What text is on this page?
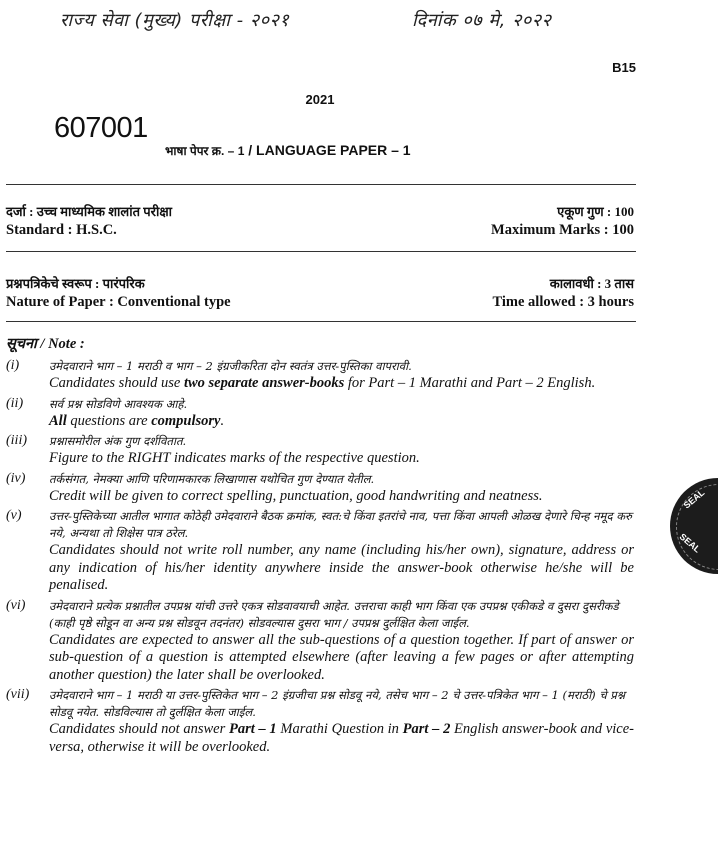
राज्य सेवा (मुख्य) परीक्षा - २०२१	दिनांक ०७ मे, २०२२
B15
2021
607001
भाषा पेपर क्र. – 1 / LANGUAGE PAPER – 1
दर्जा : उच्च माध्यमिक शालांत परीक्षा	एकूण गुण : 100
Standard : H.S.C.	Maximum Marks : 100
प्रश्नपत्रिकेचे स्वरूप : पारंपरिक	कालावधी : 3 तास
Nature of Paper : Conventional type	Time allowed : 3 hours
सूचना / Note :
(i)	उमेदवाराने भाग – 1 मराठी व भाग – 2 इंग्रजीकरिता दोन स्वतंत्र उत्तर-पुस्तिका वापरावी.

Candidates should use two separate answer-books for Part – 1 Marathi and Part – 2 English.

(ii) सर्व प्रश्न सोडविणे आवश्यक आहे.

All questions are compulsory.

(iii) प्रश्नासमोरील अंक गुण दर्शवितात.

Figure to the RIGHT indicates marks of the respective question.

(iv) तर्कसंगत, नेमक्या आणि परिणामकारक लिखाणास यथोचित गुण देण्यात येतील.

Credit will be given to correct spelling, punctuation, good handwriting and neatness.

(v) उत्तर-पुस्तिकेच्या आतील भागात कोठेही उमेदवाराने बैठक क्रमांक, स्वत:चे किंवा इतरांचे नाव, पत्ता किंवा आपली ओळख देणारे चिन्ह नमूद करु नये, अन्यथा तो शिक्षेस पात्र ठरेल.

Candidates should not write roll number, any name (including his/her own), signature, address or any indication of his/her identity anywhere inside the answer-book otherwise he/she will be penalised.

(vi) उमेदवाराने प्रत्येक प्रश्नातील उपप्रश्न यांची उत्तरे एकत्र सोडवावयाची आहेत. उत्तराचा काही भाग किंवा एक उपप्रश्न एकीकडे व दुसरा दुसरीकडे (काही पृष्ठे सोडून वा अन्य प्रश्न सोडवून तदनंतर) सोडवल्यास दुसरा भाग / उपप्रश्न दुर्लक्षित केला जाईल.

Candidates are expected to answer all the sub-questions of a question together. If part of answer or sub-question of a question is attempted elsewhere (after leaving a few pages or after attempting another question) the later shall be overlooked.

(vii) उमेदवाराने भाग – 1 मराठी या उत्तर-पुस्तिकेत भाग – 2 इंग्रजीचा प्रश्न सोडवू नये, तसेच भाग – 2 चे उत्तर-पत्रिकेत भाग – 1 (मराठी) चे प्रश्न सोडवू नयेत. सोडविल्यास तो दुर्लक्षित केला जाईल.

Candidates should not answer Part – 1 Marathi Question in Part – 2 English answer-book and vice-versa, otherwise it will be overlooked.

SEAL
SEAL
